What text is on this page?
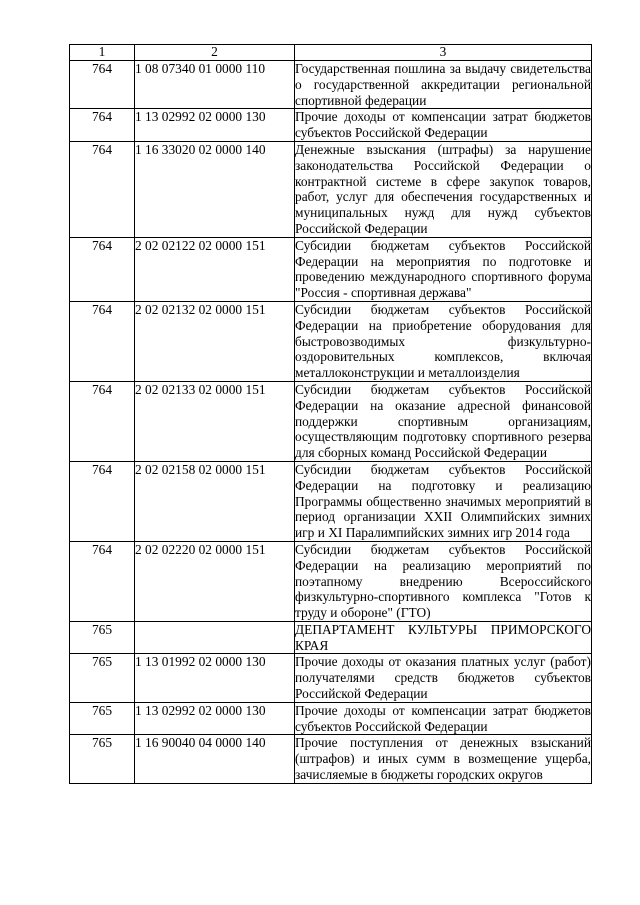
1	2	3
764	1 08 07340 01 0000 110	Государственная пошлина за выдачу свидетельства о государственной аккредитации региональной спортивной федерации
764	1 13 02992 02 0000 130	Прочие доходы от компенсации затрат бюджетов субъектов Российской Федерации
764	1 16 33020 02 0000 140	Денежные взыскания (штрафы) за нарушение законодательства Российской Федерации о контрактной системе в сфере закупок товаров, работ, услуг для обеспечения государственных и муниципальных нужд для нужд субъектов Российской Федерации
764	2 02 02122 02 0000 151	Субсидии бюджетам субъектов Российской Федерации на мероприятия по подготовке и проведению международного спортивного форума "Россия - спортивная держава"
764	2 02 02132 02 0000 151	Субсидии бюджетам субъектов Российской Федерации на приобретение оборудования для быстровозводимых физкультурно-оздоровительных комплексов, включая металлоконструкции и металлоизделия
764	2 02 02133 02 0000 151	Субсидии бюджетам субъектов Российской Федерации на оказание адресной финансовой поддержки спортивным организациям, осуществляющим подготовку спортивного резерва для сборных команд Российской Федерации
764	2 02 02158 02 0000 151	Субсидии бюджетам субъектов Российской Федерации на подготовку и реализацию Программы общественно значимых мероприятий в период организации XXII Олимпийских зимних игр и XI Паралимпийских зимних игр 2014 года
764	2 02 02220 02 0000 151	Субсидии бюджетам субъектов Российской Федерации на реализацию мероприятий по поэтапному внедрению Всероссийского физкультурно-спортивного комплекса "Готов к труду и обороне" (ГТО)
765		ДЕПАРТАМЕНТ КУЛЬТУРЫ ПРИМОРСКОГО КРАЯ
765	1 13 01992 02 0000 130	Прочие доходы от оказания платных услуг (работ) получателями средств бюджетов субъектов Российской Федерации
765	1 13 02992 02 0000 130	Прочие доходы от компенсации затрат бюджетов субъектов Российской Федерации
765	1 16 90040 04 0000 140	Прочие поступления от денежных взысканий (штрафов) и иных сумм в возмещение ущерба, зачисляемые в бюджеты городских округов
